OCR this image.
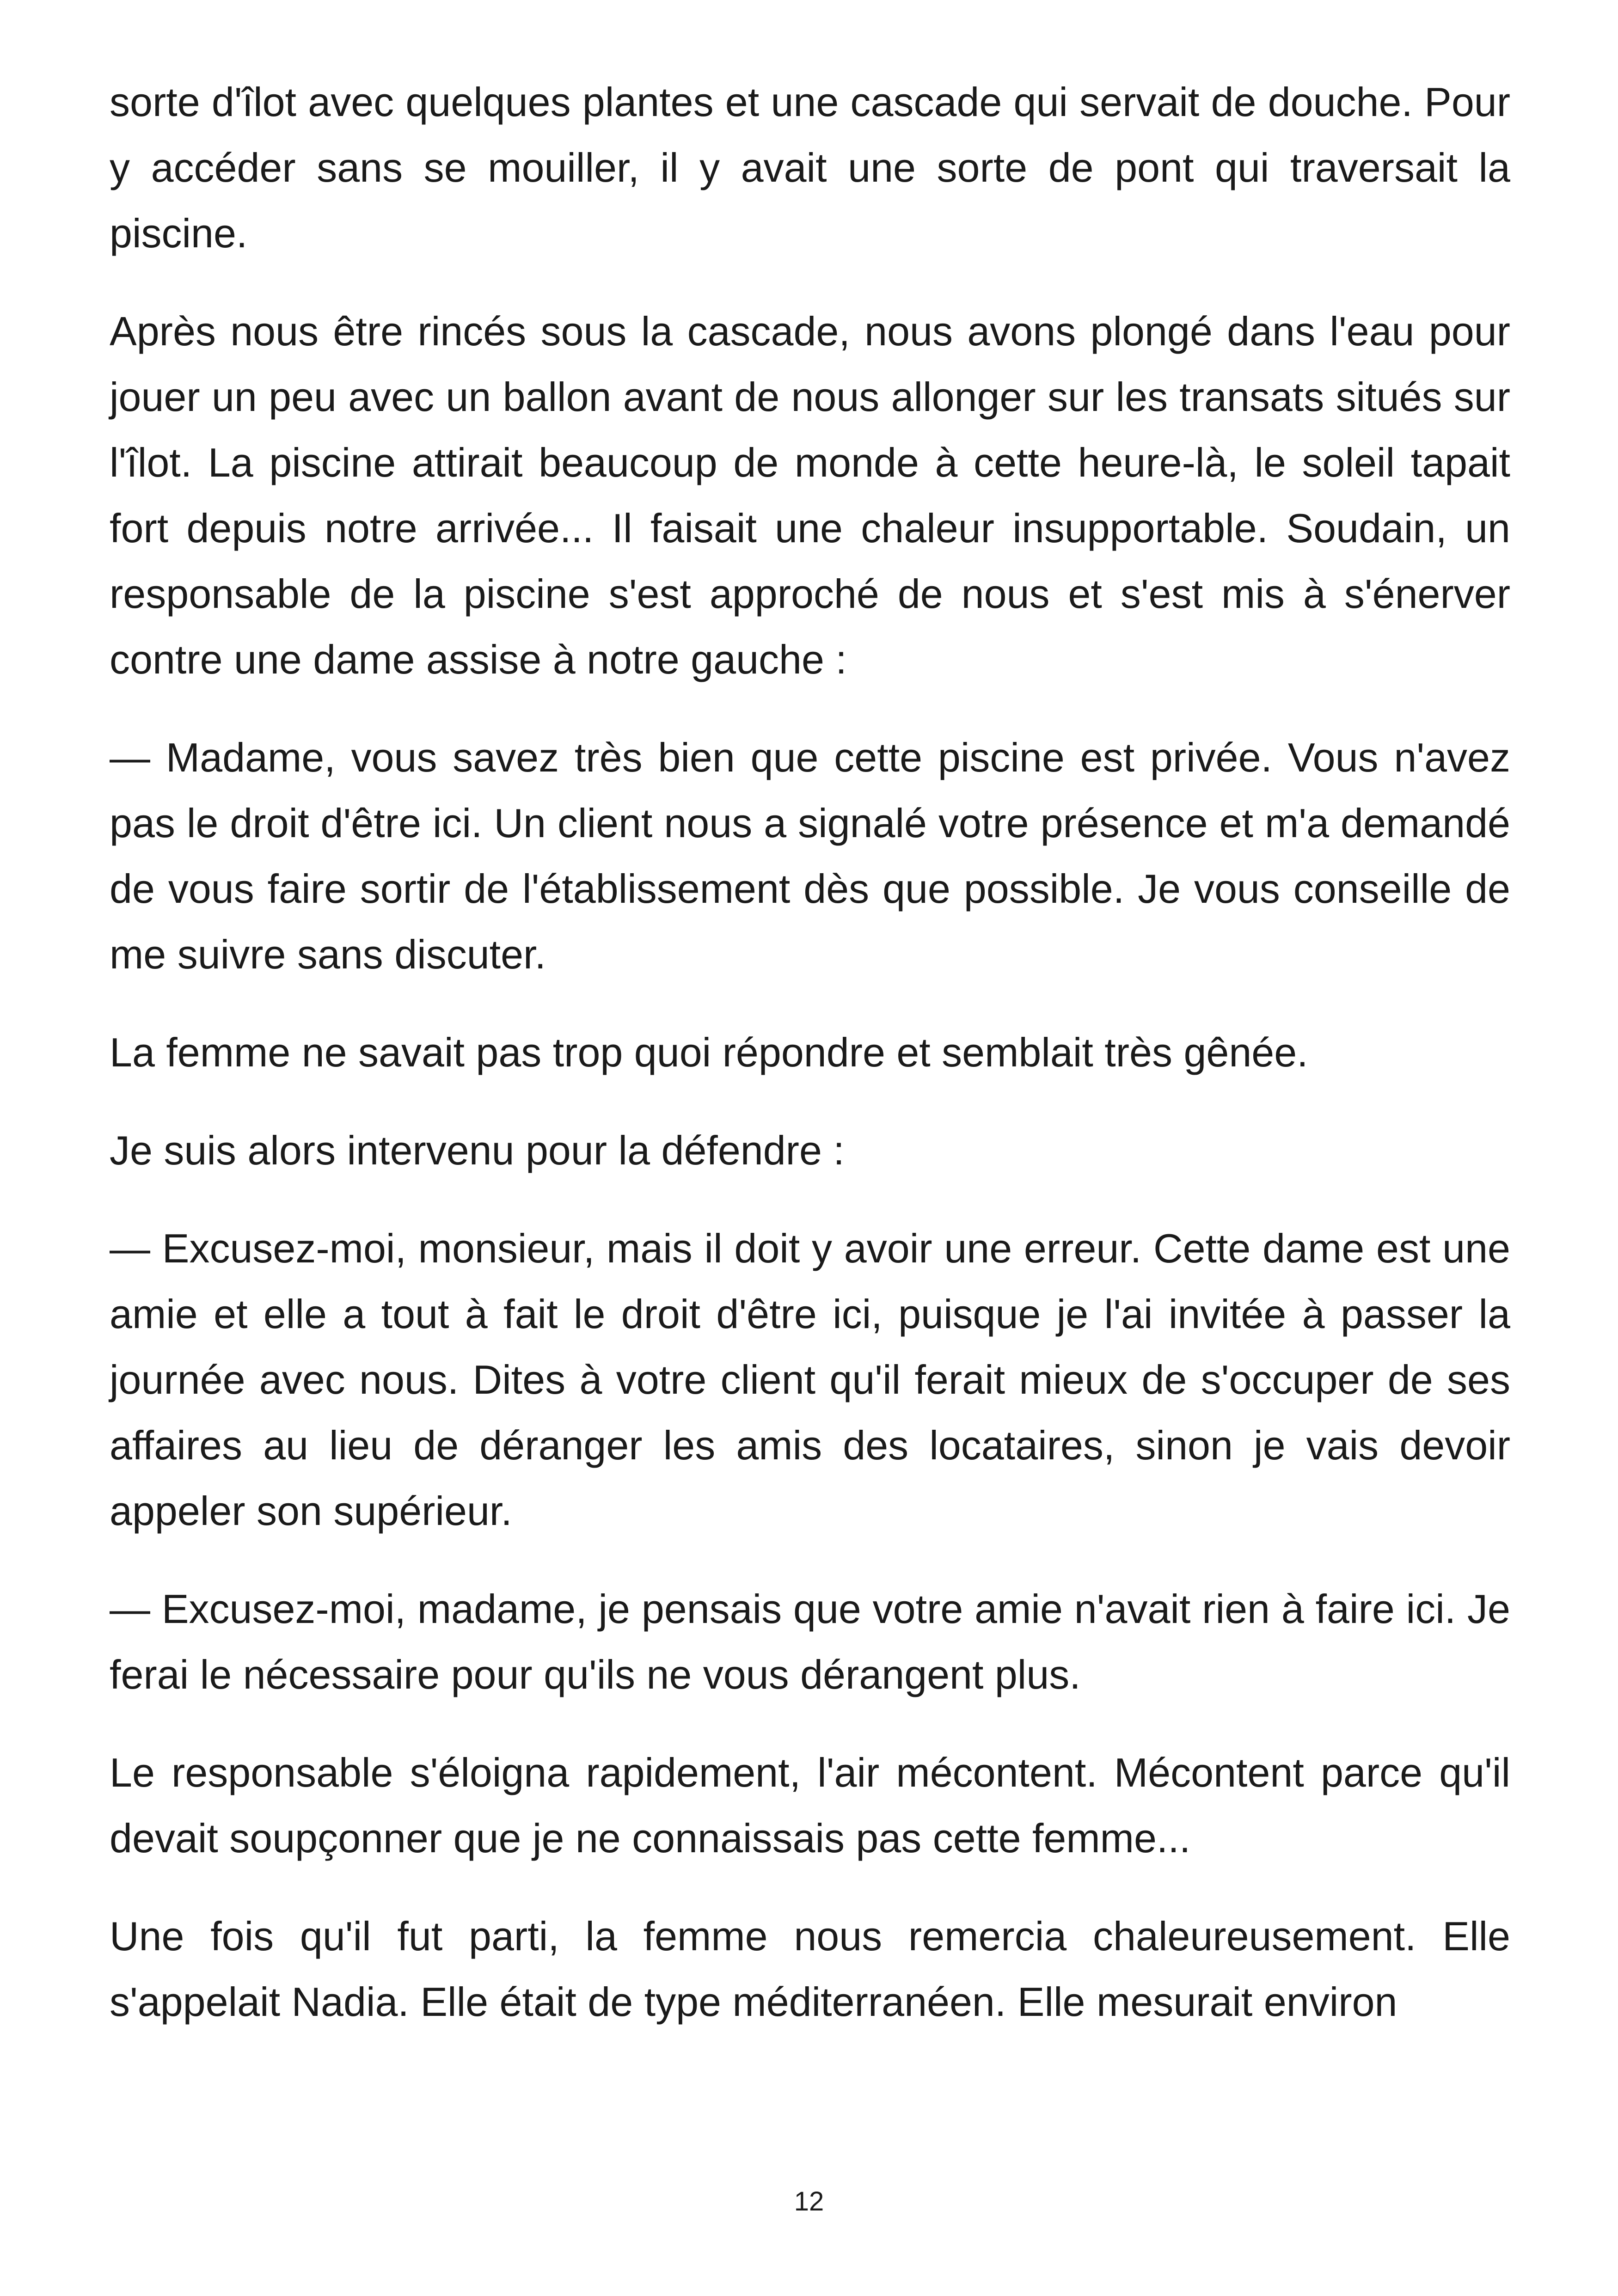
sorte d'îlot avec quelques plantes et une cascade qui servait de douche. Pour y accéder sans se mouiller, il y avait une sorte de pont qui traversait la piscine.

Après nous être rincés sous la cascade, nous avons plongé dans l'eau pour jouer un peu avec un ballon avant de nous allonger sur les transats situés sur l'îlot. La piscine attirait beaucoup de monde à cette heure-là, le soleil tapait fort depuis notre arrivée... Il faisait une chaleur insupportable. Soudain, un responsable de la piscine s'est approché de nous et s'est mis à s'énerver contre une dame assise à notre gauche :

— Madame, vous savez très bien que cette piscine est privée. Vous n'avez pas le droit d'être ici. Un client nous a signalé votre présence et m'a demandé de vous faire sortir de l'établissement dès que possible. Je vous conseille de me suivre sans discuter.

La femme ne savait pas trop quoi répondre et semblait très gênée.

Je suis alors intervenu pour la défendre :

— Excusez-moi, monsieur, mais il doit y avoir une erreur. Cette dame est une amie et elle a tout à fait le droit d'être ici, puisque je l'ai invitée à passer la journée avec nous. Dites à votre client qu'il ferait mieux de s'occuper de ses affaires au lieu de déranger les amis des locataires, sinon je vais devoir appeler son supérieur.

— Excusez-moi, madame, je pensais que votre amie n'avait rien à faire ici. Je ferai le nécessaire pour qu'ils ne vous dérangent plus.

Le responsable s'éloigna rapidement, l'air mécontent. Mécontent parce qu'il devait soupçonner que je ne connaissais pas cette femme...

Une fois qu'il fut parti, la femme nous remercia chaleureusement. Elle s'appelait Nadia. Elle était de type méditerranéen. Elle mesurait environ

12
